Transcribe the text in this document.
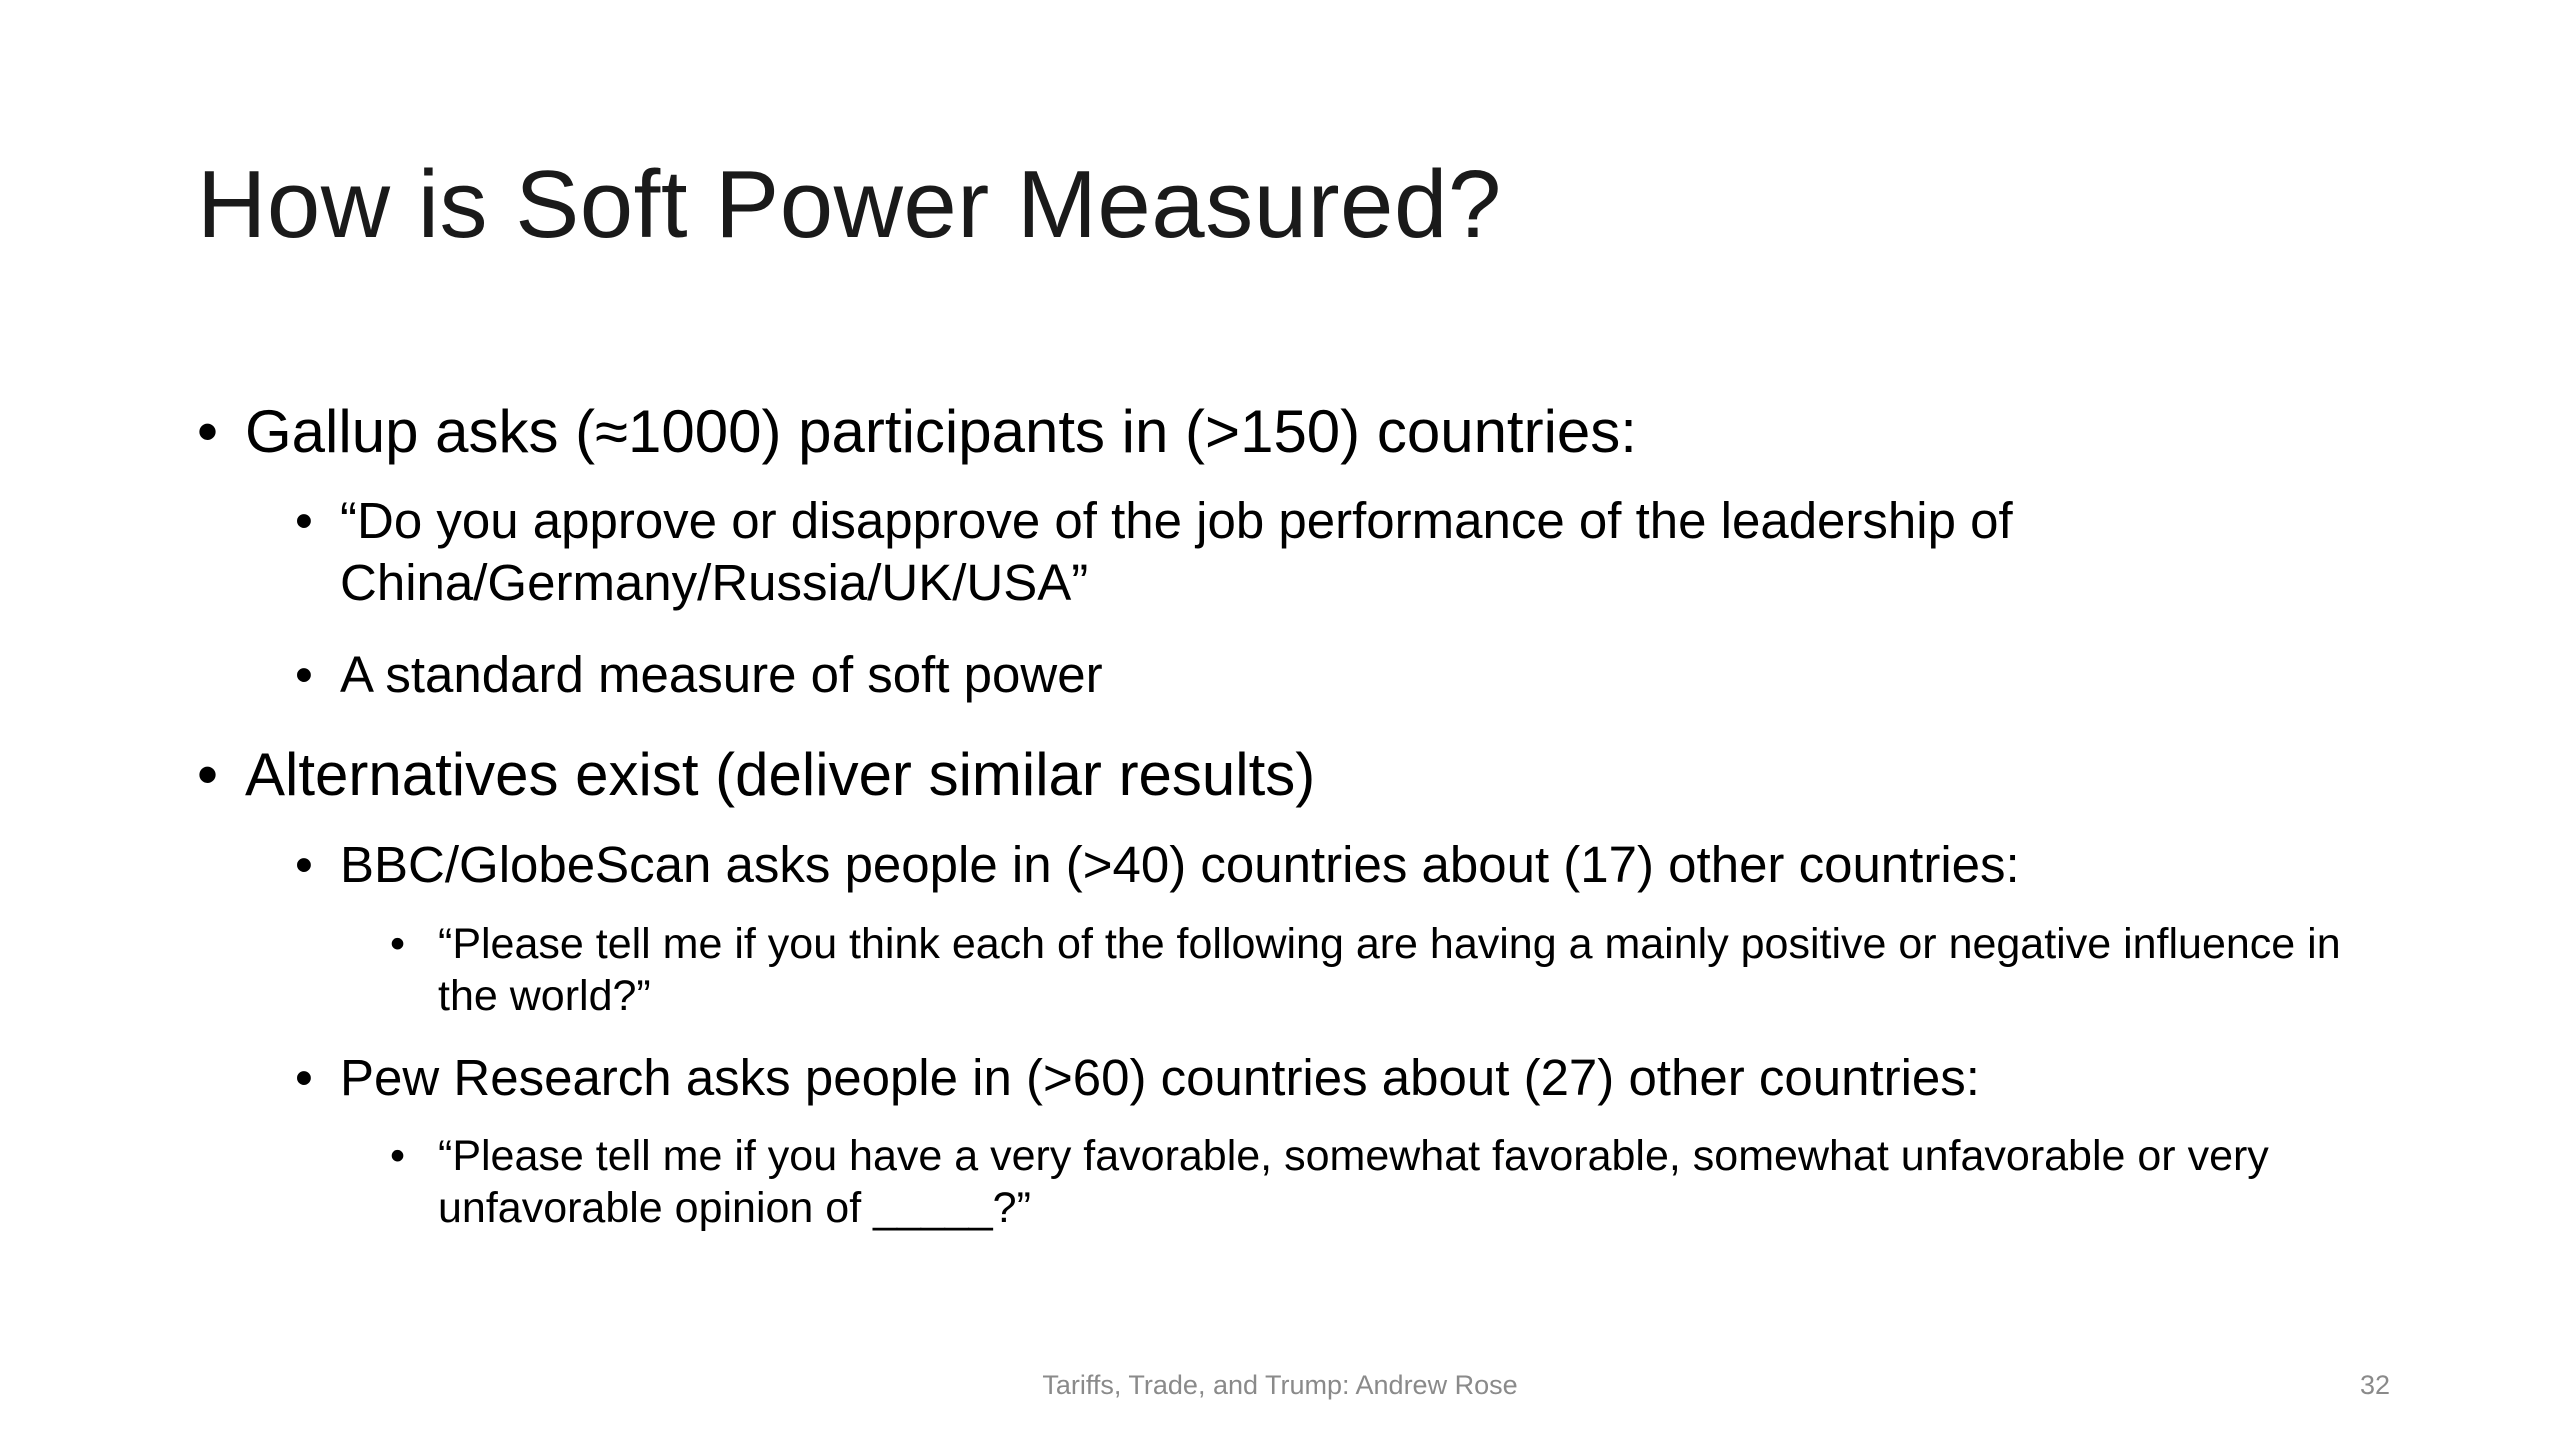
How is Soft Power Measured?
• Gallup asks (≈1000) participants in (>150) countries:
• “Do you approve or disapprove of the job performance of the leadership of China/Germany/Russia/UK/USA”
• A standard measure of soft power
• Alternatives exist (deliver similar results)
• BBC/GlobeScan asks people in (>40) countries about (17) other countries:
• “Please tell me if you think each of the following are having a mainly positive or negative influence in the world?”
• Pew Research asks people in (>60) countries about (27) other countries:
• “Please tell me if you have a very favorable, somewhat favorable, somewhat unfavorable or very unfavorable opinion of _____?”
Tariffs, Trade, and Trump: Andrew Rose	32
